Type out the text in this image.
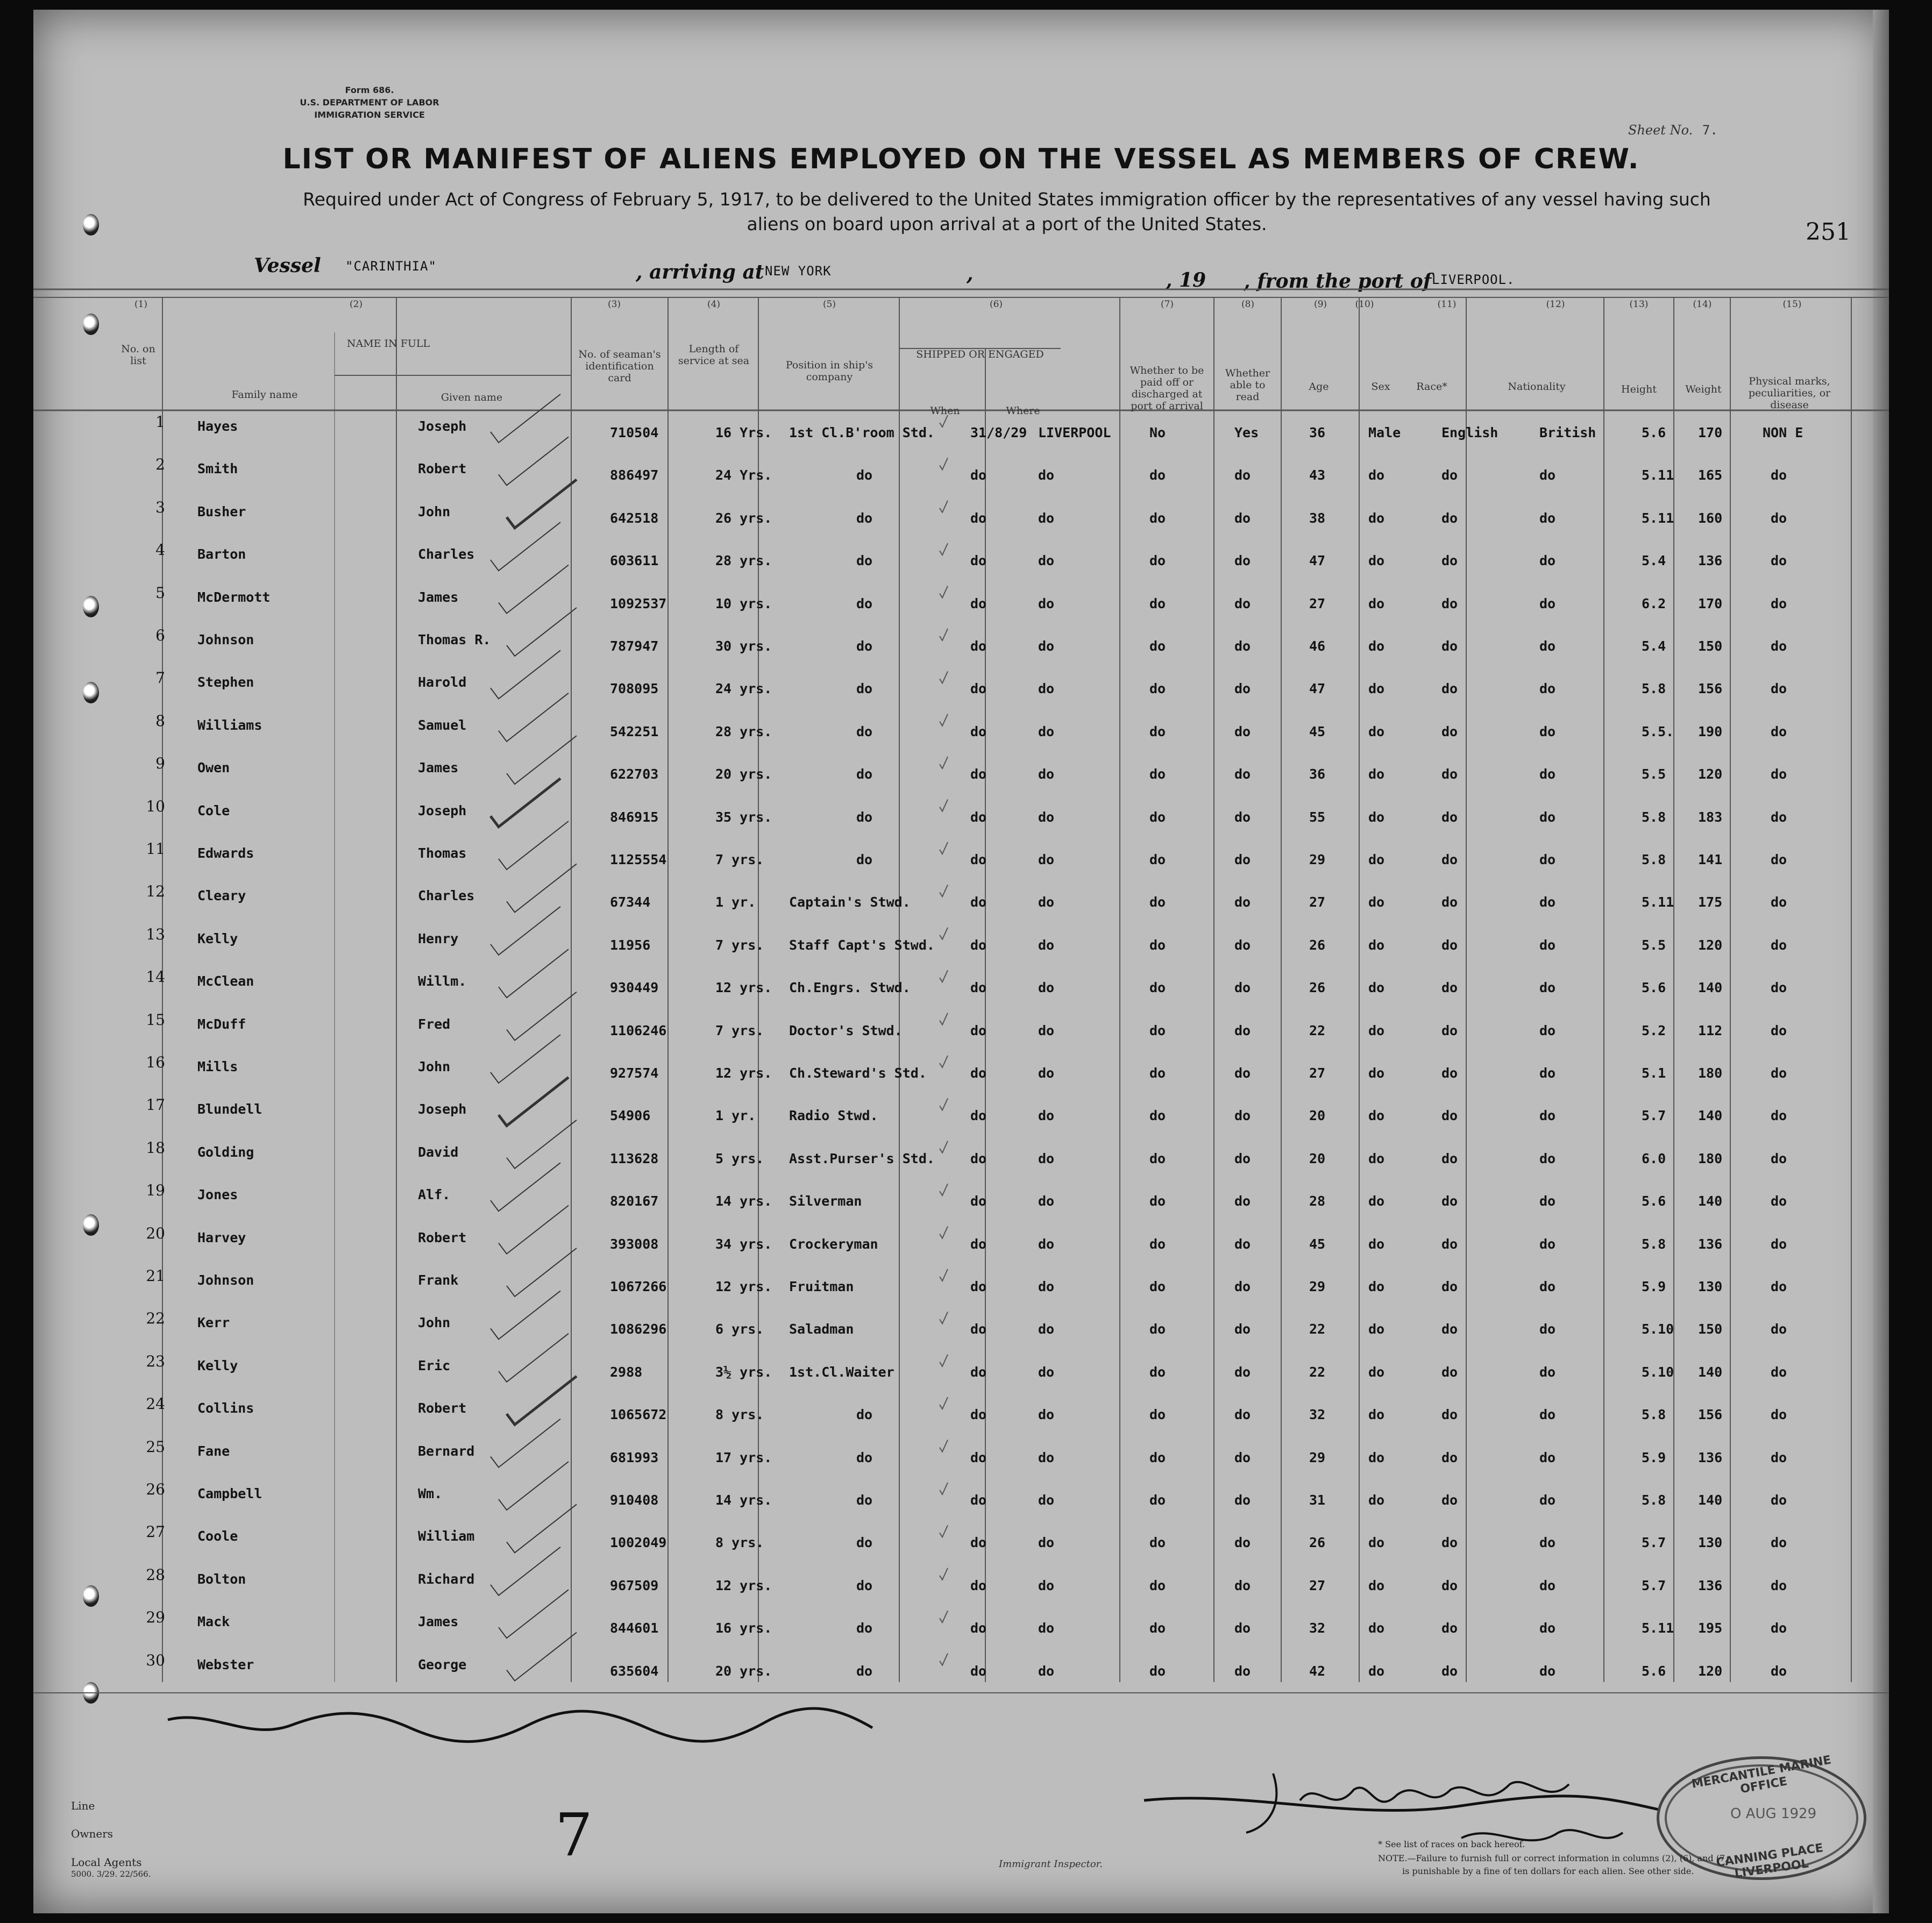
Form 686.
U.S. DEPARTMENT OF LABOR
IMMIGRATION SERVICE
Sheet No. 7.
LIST OR MANIFEST OF ALIENS EMPLOYED ON THE VESSEL AS MEMBERS OF CREW.
Required under Act of Congress of February 5, 1917, to be delivered to the United States immigration officer by the representatives of any vessel having such
aliens on board upon arrival at a port of the United States.	251
Vessel "CARINTHIA"	, arriving at NEW YORK	,	, 19 , from the port of LIVERPOOL.
(1)	(2)	(3)	(4)	(5)	(6)	(7)	(8)	(9)	(10)	(11)	(12)	(13)	(14)	(15)
No. on list
NAME IN FULL
Family name	Given name
No. of seaman's identification card
Length of service at sea	Position in ship's company
SHIPPED OR ENGAGED
When	Where
Whether to be paid off or discharged at port of arrival
Whether able to read
Age	Sex	Race*	Nationality	Height	Weight
Physical marks, peculiarities, or disease
1 Hayes	Joseph	710504	16 Yrs. 1st Cl.B'room Std.	31/8/29 LIVERPOOL	No	Yes	36	Male	English	British	5.6 170	NON E
2 Smith	Robert	886497	24 Yrs.	do	do	do	do	do	43	do	do	do	5.11 165	do
3 Busher	John	642518	26 yrs.	do	do	do	do	do	38	do	do	do	5.11 160	do
4 Barton	Charles	603611	28 yrs.	do	do	do	do	do	47	do	do	do	5.4 136	do
5 McDermott	James	1092537	10 yrs.	do	do	do	do	do	27	do	do	do	6.2 170	do
6 Johnson	Thomas R.	787947	30 yrs.	do	do	do	do	do	46	do	do	do	5.4 150	do
7 Stephen	Harold	708095	24 yrs.	do	do	do	do	do	47	do	do	do	5.8 156	do
8 Williams	Samuel	542251	28 yrs.	do	do	do	do	do	45	do	do	do	5.5. 190	do
9 Owen	James	622703	20 yrs.	do	do	do	do	do	36	do	do	do	5.5 120	do
10 Cole	Joseph	846915	35 yrs.	do	do	do	do	do	55	do	do	do	5.8 183	do
11 Edwards	Thomas	1125554	7 yrs.	do	do	do	do	do	29	do	do	do	5.8 141	do
12 Cleary	Charles	67344	1 yr. Captain's Stwd.	do	do	do	do	27	do	do	do	5.11 175	do
13 Kelly	Henry	11956	7 yrs. Staff Capt's Stwd.	do	do	do	do	26	do	do	do	5.5 120	do
14 McClean	Willm.	930449	12 yrs. Ch.Engrs. Stwd.	do	do	do	do	26	do	do	do	5.6 140	do
15 McDuff	Fred	1106246	7 yrs. Doctor's Stwd.	do	do	do	do	22	do	do	do	5.2 112	do
16 Mills	John	927574	12 yrs. Ch.Steward's Std.	do	do	do	do	27	do	do	do	5.1 180	do
17 Blundell	Joseph	54906	1 yr. Radio Stwd.	do	do	do	do	20	do	do	do	5.7 140	do
18 Golding	David	113628	5 yrs. Asst.Purser's Std.	do	do	do	do	20	do	do	do	6.0 180	do
19 Jones	Alf.	820167	14 yrs. Silverman	do	do	do	do	28	do	do	do	5.6 140	do
20 Harvey	Robert	393008	34 yrs. Crockeryman	do	do	do	do	45	do	do	do	5.8 136	do
21 Johnson	Frank	1067266	12 yrs. Fruitman	do	do	do	do	29	do	do	do	5.9 130	do
22 Kerr	John	1086296	6 yrs. Saladman	do	do	do	do	22	do	do	do	5.10 150	do
23 Kelly	Eric	2988	3½ yrs. 1st.Cl.Waiter	do	do	do	do	22	do	do	do	5.10 140	do
24 Collins	Robert	1065672	8 yrs.	do	do	do	do	do	32	do	do	do	5.8 156	do
25 Fane	Bernard	681993	17 yrs.	do	do	do	do	do	29	do	do	do	5.9 136	do
26 Campbell	Wm.	910408	14 yrs.	do	do	do	do	do	31	do	do	do	5.8 140	do
27 Coole	William	1002049	8 yrs.	do	do	do	do	do	26	do	do	do	5.7 130	do
28 Bolton	Richard	967509	12 yrs.	do	do	do	do	do	27	do	do	do	5.7 136	do
29 Mack	James	844601	16 yrs.	do	do	do	do	do	32	do	do	do	5.11 195	do
30 Webster	George	635604	20 yrs.	do	do	do	do	do	42	do	do	do	5.6 120	do
7
MERCANTILE MARINE OFFICE
O AUG 1929
CANNING PLACE LIVERPOOL
Line
Owners
Local Agents
5000. 3/29. 22/566.
Immigrant Inspector.
* See list of races on back hereof.
NOTE.—Failure to furnish full or correct information in columns (2), (6), and (7,
is punishable by a fine of ten dollars for each alien. See other side.
